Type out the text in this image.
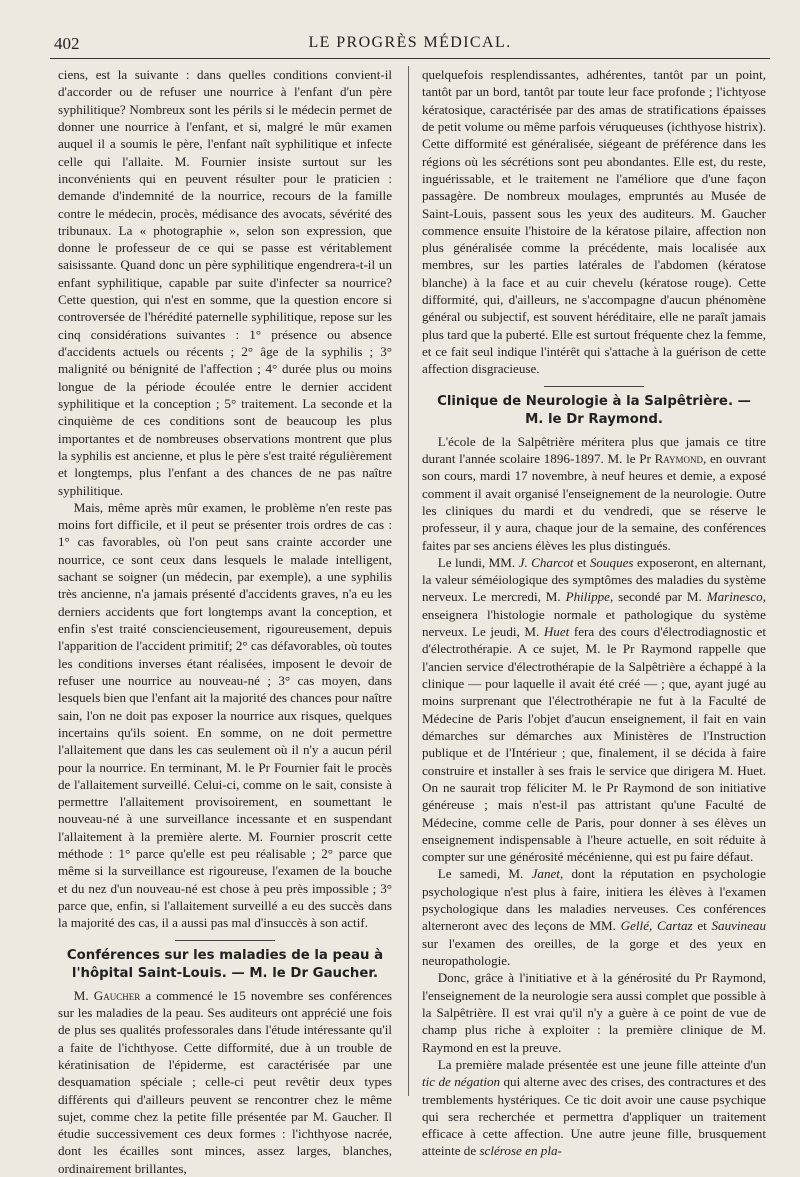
402	LE PROGRÈS MÉDICAL.

ciens, est la suivante : dans quelles conditions convient-il d'accorder ou de refuser une nourrice à l'enfant d'un père syphilitique? Nombreux sont les périls si le médecin permet de donner une nourrice à l'enfant, et si, malgré le mûr examen auquel il a soumis le père, l'enfant naît syphilitique et infecte celle qui l'allaite. M. Fournier insiste surtout sur les inconvénients qui en peuvent résulter pour le praticien : demande d'indemnité de la nourrice, recours de la famille contre le médecin, procès, médisance des avocats, sévérité des tribunaux. La « photographie », selon son expression, que donne le professeur de ce qui se passe est véritablement saisissante. Quand donc un père syphilitique engendrera-t-il un enfant syphilitique, capable par suite d'infecter sa nourrice? Cette question, qui n'est en somme, que la question encore si controversée de l'hérédité paternelle syphilitique, repose sur les cinq considérations suivantes : 1° présence ou absence d'accidents actuels ou récents ; 2° âge de la syphilis ; 3° malignité ou bénignité de l'affection ; 4° durée plus ou moins longue de la période écoulée entre le dernier accident syphilitique et la conception ; 5° traitement. La seconde et la cinquième de ces conditions sont de beaucoup les plus importantes et de nombreuses observations montrent que plus la syphilis est ancienne, et plus le père s'est traité régulièrement et longtemps, plus l'enfant a des chances de ne pas naître syphilitique.

Mais, même après mûr examen, le problème n'en reste pas moins fort difficile, et il peut se présenter trois ordres de cas : 1° cas favorables, où l'on peut sans crainte accorder une nourrice, ce sont ceux dans lesquels le malade intelligent, sachant se soigner (un médecin, par exemple), a une syphilis très ancienne, n'a jamais présenté d'accidents graves, n'a eu les derniers accidents que fort longtemps avant la conception, et enfin s'est traité consciencieusement, rigoureusement, depuis l'apparition de l'accident primitif; 2° cas défavorables, où toutes les conditions inverses étant réalisées, imposent le devoir de refuser une nourrice au nouveau-né ; 3° cas moyen, dans lesquels bien que l'enfant ait la majorité des chances pour naître sain, l'on ne doit pas exposer la nourrice aux risques, quelques incertains qu'ils soient. En somme, on ne doit permettre l'allaitement que dans les cas seulement où il n'y a aucun péril pour la nourrice. En terminant, M. le Pr Fournier fait le procès de l'allaitement surveillé. Celui-ci, comme on le sait, consiste à permettre l'allaitement provisoirement, en soumettant le nouveau-né à une surveillance incessante et en suspendant l'allaitement à la première alerte. M. Fournier proscrit cette méthode : 1° parce qu'elle est peu réalisable ; 2° parce que même si la surveillance est rigoureuse, l'examen de la bouche et du nez d'un nouveau-né est chose à peu près impossible ; 3° parce que, enfin, si l'allaitement surveillé a eu des succès dans la majorité des cas, il a aussi pas mal d'insuccès à son actif.

Conférences sur les maladies de la peau à
l'hôpital Saint-Louis. — M. le Dr Gaucher.

M. Gaucher a commencé le 15 novembre ses conférences sur les maladies de la peau. Ses auditeurs ont apprécié une fois de plus ses qualités professorales dans l'étude intéressante qu'il a faite de l'ichthyose. Cette difformité, due à un trouble de kératinisation de l'épiderme, est caractérisée par une desquamation spéciale ; celle-ci peut revêtir deux types différents qui d'ailleurs peuvent se rencontrer chez le même sujet, comme chez la petite fille présentée par M. Gaucher. Il étudie successivement ces deux formes : l'ichthyose nacrée, dont les écailles sont minces, assez larges, blanches, ordinairement brillantes,

quelquefois resplendissantes, adhérentes, tantôt par un point, tantôt par un bord, tantôt par toute leur face profonde ; l'ichtyose kératosique, caractérisée par des amas de stratifications épaisses de petit volume ou même parfois véruqueuses (ichthyose histrix). Cette difformité est généralisée, siégeant de préférence dans les régions où les sécrétions sont peu abondantes. Elle est, du reste, inguérissable, et le traitement ne l'améliore que d'une façon passagère. De nombreux moulages, empruntés au Musée de Saint-Louis, passent sous les yeux des auditeurs. M. Gaucher commence ensuite l'histoire de la kératose pilaire, affection non plus généralisée comme la précédente, mais localisée aux membres, sur les parties latérales de l'abdomen (kératose blanche) à la face et au cuir chevelu (kératose rouge). Cette difformité, qui, d'ailleurs, ne s'accompagne d'aucun phénomène général ou subjectif, est souvent héréditaire, elle ne paraît jamais plus tard que la puberté. Elle est surtout fréquente chez la femme, et ce fait seul indique l'intérêt qui s'attache à la guérison de cette affection disgracieuse.

Clinique de Neurologie à la Salpêtrière. —
M. le Dr Raymond.

L'école de la Salpêtrière méritera plus que jamais ce titre durant l'année scolaire 1896-1897. M. le Pr Raymond, en ouvrant son cours, mardi 17 novembre, à neuf heures et demie, a exposé comment il avait organisé l'enseignement de la neurologie. Outre les cliniques du mardi et du vendredi, que se réserve le professeur, il y aura, chaque jour de la semaine, des conférences faites par ses anciens élèves les plus distingués.

Le lundi, MM. J. Charcot et Souques exposeront, en alternant, la valeur séméiologique des symptômes des maladies du système nerveux. Le mercredi, M. Philippe, secondé par M. Marinesco, enseignera l'histologie normale et pathologique du système nerveux. Le jeudi, M. Huet fera des cours d'électrodiagnostic et d'électrothérapie. A ce sujet, M. le Pr Raymond rappelle que l'ancien service d'électrothérapie de la Salpêtrière a échappé à la clinique — pour laquelle il avait été créé — ; que, ayant jugé au moins surprenant que l'électrothérapie ne fut à la Faculté de Médecine de Paris l'objet d'aucun enseignement, il fait en vain démarches sur démarches aux Ministères de l'Instruction publique et de l'Intérieur ; que, finalement, il se décida à faire construire et installer à ses frais le service que dirigera M. Huet. On ne saurait trop féliciter M. le Pr Raymond de son initiative généreuse ; mais n'est-il pas attristant qu'une Faculté de Médecine, comme celle de Paris, pour donner à ses élèves un enseignement indispensable à l'heure actuelle, en soit réduite à compter sur une générosité mécénienne, qui est pu faire défaut.

Le samedi, M. Janet, dont la réputation en psychologie psychologique n'est plus à faire, initiera les élèves à l'examen psychologique dans les maladies nerveuses. Ces conférences alterneront avec des leçons de MM. Gellé, Cartaz et Sauvineau sur l'examen des oreilles, de la gorge et des yeux en neuropathologie.

Donc, grâce à l'initiative et à la générosité du Pr Raymond, l'enseignement de la neurologie sera aussi complet que possible à la Salpêtrière. Il est vrai qu'il n'y a guère à ce point de vue de champ plus riche à exploiter : la première clinique de M. Raymond en est la preuve.

La première malade présentée est une jeune fille atteinte d'un tic de négation qui alterne avec des crises, des contractures et des tremblements hystériques. Ce tic doit avoir une cause psychique qui sera recherchée et permettra d'appliquer un traitement efficace à cette affection. Une autre jeune fille, brusquement atteinte de sclérose en pla-
